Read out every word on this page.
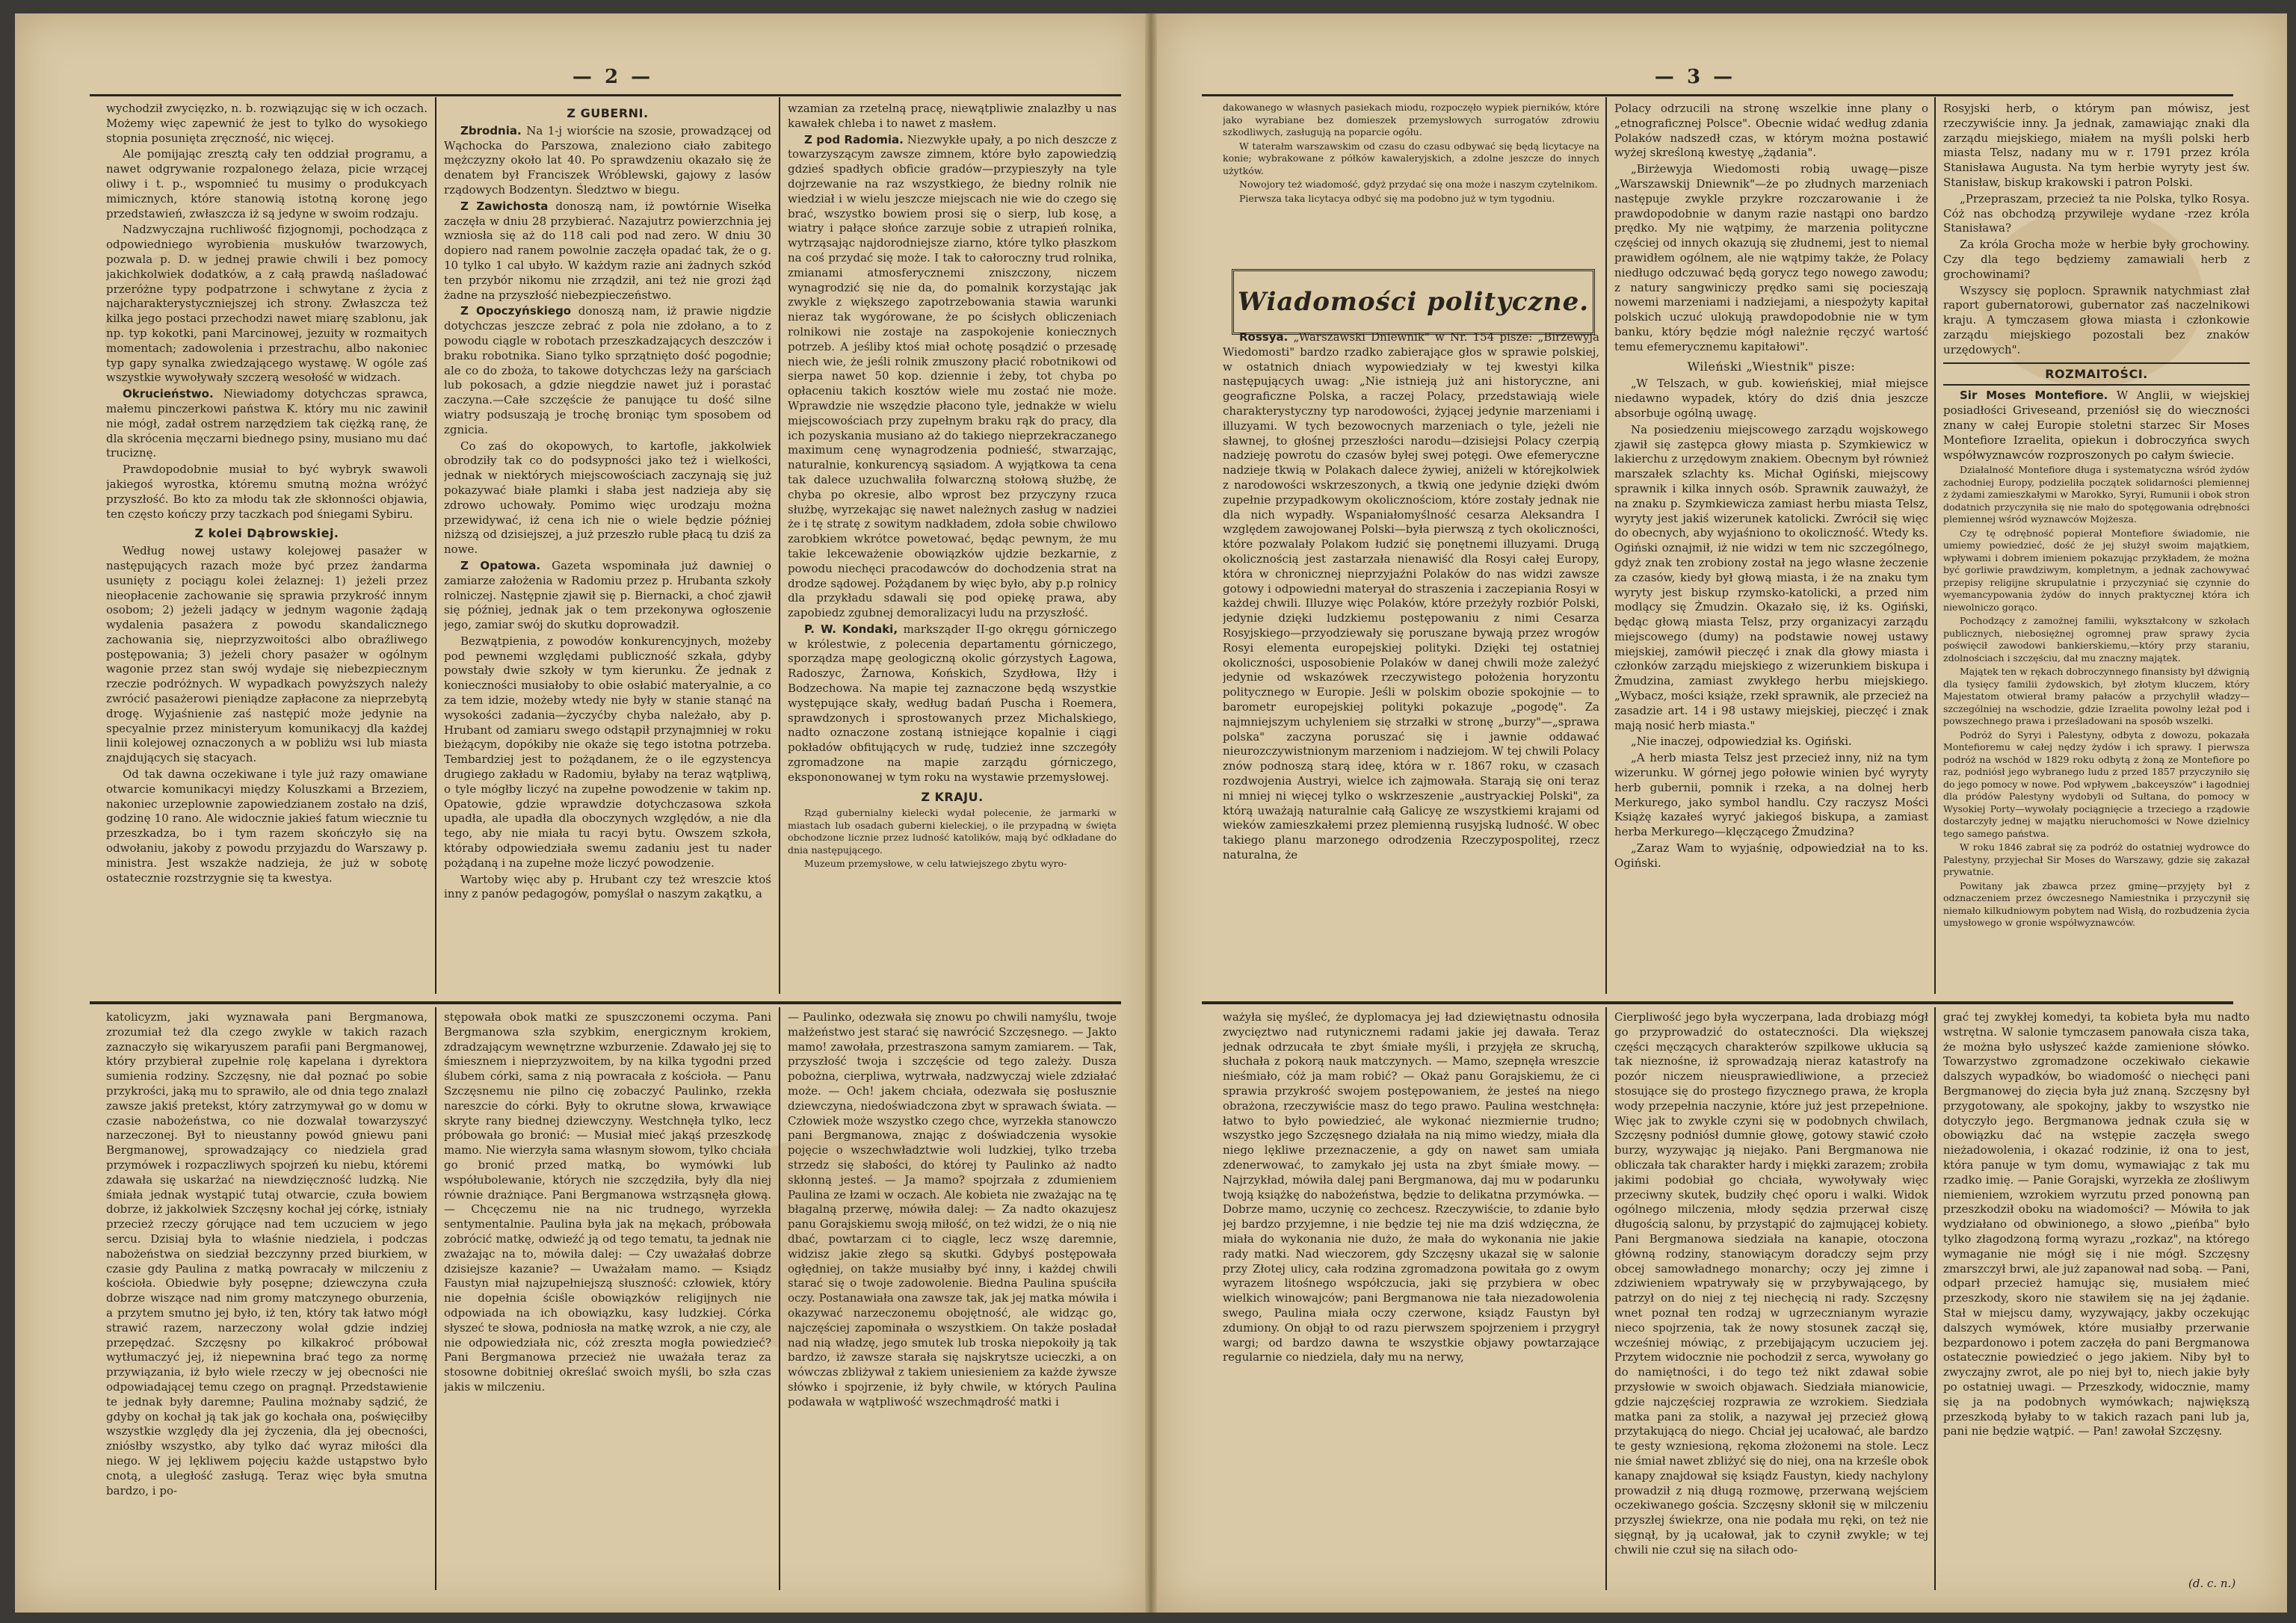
— 2 —

wychodził zwycięzko, n. b. rozwiązując się w ich oczach. Możemy więc zapewnić że jest to tylko do wysokiego stopnia posunięta zręczność, nic więcej.

Ale pomijając zresztą cały ten oddział programu, a nawet odgrywanie rozpalonego żelaza, picie wrzącej oliwy i t. p., wspomnieć tu musimy o produkcyach mimicznych, które stanowią istotną koronę jego przedstawień, zwłaszcza iż są jedyne w swoim rodzaju.

Nadzwyczajna ruchliwość fizjognomji, pochodząca z odpowiedniego wyrobienia muskułów twarzowych, pozwala p. D. w jednej prawie chwili i bez pomocy jakichkolwiek dodatków, a z całą prawdą naśladować przeróżne typy podpatrzone i schwytane z życia z najcharakterystyczniejszej ich strony. Zwłaszcza też kilka jego postaci przechodzi nawet miarę szablonu, jak np. typ kokotki, pani Marcinowej, jezuity w rozmaitych momentach; zadowolenia i przestrachu, albo nakoniec typ gapy synalka zwiedzającego wystawę. W ogóle zaś wszystkie wywoływały szczerą wesołość w widzach.

Okrucieństwo. Niewiadomy dotychczas sprawca, małemu pinczerkowi państwa K. który mu nic zawinił nie mógł, zadał ostrem narzędziem tak ciężką ranę, że dla skrócenia męczarni biednego psiny, musiano mu dać truciznę.

Prawdopodobnie musiał to być wybryk swawoli jakiegoś wyrostka, któremu smutną można wróżyć przyszłość. Bo kto za młodu tak złe skłonności objawia, ten często kończy przy taczkach pod śniegami Sybiru.

Z kolei Dąbrowskiej.

Według nowej ustawy kolejowej pasażer w następujących razach może być przez żandarma usunięty z pociągu kolei żelaznej: 1) jeżeli przez nieopłacenie zachowanie się sprawia przykrość innym osobom; 2) jeżeli jadący w jednym wagonie żądają wydalenia pasażera z powodu skandalicznego zachowania się, nieprzyzwoitości albo obraźliwego postępowania; 3) jeżeli chory pasażer w ogólnym wagonie przez stan swój wydaje się niebezpiecznym rzeczie podróżnych. W wypadkach powyższych należy zwrócić pasażerowi pieniądze zapłacone za nieprzebytą drogę. Wyjaśnienie zaś następić może jedynie na specyalnie przez ministeryum komunikacyj dla każdej linii kolejowej oznaczonych a w pobliżu wsi lub miasta znajdujących się stacyach.

Od tak dawna oczekiwane i tyle już razy omawiane otwarcie komunikacyi między Koluszkami a Brzeziem, nakoniec urzeplownie zapowiedzianem zostało na dziś, godzinę 10 rano. Ale widocznie jakieś fatum wiecznie tu przeszkadza, bo i tym razem skończyło się na odwołaniu, jakoby z powodu przyjazdu do Warszawy p. ministra. Jest wszakże nadzieja, że już w sobotę ostatecznie rozstrzygnie się ta kwestya.

Z GUBERNI.

Zbrodnia. Na 1-j wiorście na szosie, prowadzącej od Wąchocka do Parszowa, znaleziono ciało zabitego mężczyzny około lat 40. Po sprawdzeniu okazało się że denatem był Franciszek Wróblewski, gajowy z lasów rządowych Bodzentyn. Śledztwo w biegu.

Z Zawichosta donoszą nam, iż powtórnie Wisełka zaczęła w dniu 28 przybierać. Nazajutrz powierzchnia jej wzniosła się aż do 118 cali pod nad zero. W dniu 30 dopiero nad ranem powolnie zaczęła opadać tak, że o g. 10 tylko 1 cal ubyło. W każdym razie ani żadnych szkód ten przybór nikomu nie zrządził, ani też nie grozi żąd żadne na przyszłość niebezpieczeństwo.

Z Opoczyńskiego donoszą nam, iż prawie nigdzie dotychczas jeszcze zebrać z pola nie zdołano, a to z powodu ciągle w robotach przeszkadzających deszczów i braku robotnika. Siano tylko sprzątnięto dość pogodnie; ale co do zboża, to takowe dotychczas leży na garściach lub pokosach, a gdzie niegdzie nawet już i porastać zaczyna.—Całe szczęście że panujące tu dość silne wiatry podsuszają je trochę broniąc tym sposobem od zgnicia.

Co zaś do okopowych, to kartofle, jakkolwiek obrodziły tak co do podsypności jako też i wielkości, jednak w niektórych miejscowościach zaczynają się już pokazywać białe plamki i słaba jest nadzieja aby się zdrowo uchowały. Pomimo więc urodzaju można przewidywać, iż cena ich nie o wiele będzie później niższą od dzisiejszej, a już przeszło ruble płacą tu dziś za nowe.

Z Opatowa. Gazeta wspominała już dawniej o zamiarze założenia w Radomiu przez p. Hrubanta szkoły rolniczej. Następnie zjawił się p. Biernacki, a choć zjawił się później, jednak jak o tem przekonywa ogłoszenie jego, zamiar swój do skutku doprowadził.

Bezwątpienia, z powodów konkurencyjnych, możeby pod pewnemi względami publiczność szkała, gdyby powstały dwie szkoły w tym kierunku. Że jednak z konieczności musiałoby to obie osłabić materyalnie, a co za tem idzie, możeby wtedy nie były w stanie stanąć na wysokości zadania—życzyćby chyba należało, aby p. Hrubant od zamiaru swego odstąpił przynajmniej w roku bieżącym, dopókiby nie okaże się tego istotna potrzeba. Tembardziej jest to pożądanem, że o ile egzystencya drugiego zakładu w Radomiu, byłaby na teraz wątpliwą, o tyle mógłby liczyć na zupełne powodzenie w takim np. Opatowie, gdzie wprawdzie dotychczasowa szkoła upadła, ale upadła dla oboczynych względów, a nie dla tego, aby nie miała tu racyi bytu. Owszem szkoła, któraby odpowiedziała swemu zadaniu jest tu nader pożądaną i na zupełne może liczyć powodzenie.

Wartoby więc aby p. Hrubant czy też wreszcie ktoś inny z panów pedagogów, pomyślał o naszym zakątku, a

wzamian za rzetelną pracę, niewątpliwie znalazłby u nas kawałek chleba i to nawet z masłem.

Z pod Radomia. Niezwykłe upały, a po nich deszcze z towarzyszącym zawsze zimnem, które było zapowiedzią gdzieś spadłych obficie gradów—przypieszyły na tyle dojrzewanie na raz wszystkiego, że biedny rolnik nie wiedział i w wielu jeszcze miejscach nie wie do czego się brać, wszystko bowiem prosi się o sierp, lub kosę, a wiatry i pałące słońce zarzuje sobie z utrapień rolnika, wytrząsając najdorodniejsze ziarno, które tylko płaszkom na coś przydać się może. I tak to całoroczny trud rolnika, zmianami atmosferycznemi zniszczony, niczem wynagrodzić się nie da, do pomalnik korzystając jak zwykle z większego zapotrzebowania stawia warunki nieraz tak wygórowane, że po ścisłych obliczeniach rolnikowi nie zostaje na zaspokojenie koniecznych potrzeb. A jeśliby ktoś miał ochotę posądzić o przesadę niech wie, że jeśli rolnik zmuszony płacić robotnikowi od sierpa nawet 50 kop. dziennie i żeby, tot chyba po opłaceniu takich kosztów wiele mu zostać nie może. Wprawdzie nie wszędzie płacono tyle, jednakże w wielu miejscowościach przy zupełnym braku rąk do pracy, dla ich pozyskania musiano aż do takiego nieprzekraczanego maximum cenę wynagrodzenia podnieść, stwarzając, naturalnie, konkurencyą sąsiadom. A wyjątkowa ta cena tak dalece uzuchwaliła folwarczną stołową służbę, że chyba po okresie, albo wprost bez przyczyny rzuca służbę, wyrzekając się nawet należnych zasług w nadziei że i tę stratę z sowitym nadkładem, zdoła sobie chwilowo zarobkiem wkrótce powetować, będąc pewnym, że mu takie lekceważenie obowiązków ujdzie bezkarnie, z powodu niechęci pracodawców do dochodzenia strat na drodze sądowej. Pożądanem by więc było, aby p.p rolnicy dla przykładu sdawali się pod opiekę prawa, aby zapobiedz zgubnej demoralizacyi ludu na przyszłość.

P. W. Kondaki, marksząder II-go okręgu górniczego w królestwie, z polecenia departamentu górniczego, sporządza mapę geologiczną okolic górzystych Łagowa, Radoszyc, Żarnowa, Końskich, Szydłowa, Iłży i Bodzechowa. Na mapie tej zaznaczone będą wszystkie występujące skały, według badań Puscha i Roemera, sprawdzonych i sprostowanych przez Michalskiego, nadto oznaczone zostaną istniejące kopalnie i ciągi pokładów obfitujących w rudę, tudzież inne szczegóły zgromadzone na mapie zarządu górniczego, ekspononowanej w tym roku na wystawie przemysłowej.

Z KRAJU.

Rząd gubernialny kielecki wydał polecenie, że jarmarki w miastach lub osadach guberni kieleckiej, o ile przypadną w święta obchodzone licznie przez ludność katolików, mają być odkładane do dnia następującego.

Muzeum przemysłowe, w celu łatwiejszego zbytu wyro-

katolicyzm, jaki wyznawała pani Bergmanowa, zrozumiał też dla czego zwykle w takich razach zaznaczyło się wikaryuszem parafii pani Bergmanowej, który przybierał zupełnie rolę kapelana i dyrektora sumienia rodziny. Szczęsny, nie dał poznać po sobie przykrości, jaką mu to sprawiło, ale od dnia tego znalazł zawsze jakiś pretekst, który zatrzymywał go w domu w czasie nabożeństwa, co nie dozwalał towarzyszyć narzeczonej. Był to nieustanny powód gniewu pani Bergmanowej, sprowadzający co niedziela grad przymówek i rozpaczliwych spojrzeń ku niebu, któremi zdawała się uskarżać na niewdzięczność ludzką. Nie śmiała jednak wystąpić tutaj otwarcie, czuła bowiem dobrze, iż jakkolwiek Szczęsny kochał jej córkę, istniały przecież rzeczy górujące nad tem uczuciem w jego sercu. Dzisiaj była to właśnie niedziela, i podczas nabożeństwa on siedział bezczynny przed biurkiem, w czasie gdy Paulina z matką powracały w milczeniu z kościoła. Obiedwie były posępne; dziewczyna czuła dobrze wiszące nad nim gromy matczynego oburzenia, a przytem smutno jej było, iż ten, który tak łatwo mógł strawić razem, narzeczony wolał gdzie indziej przepędzać. Szczęsny po kilkakroć próbował wytłumaczyć jej, iż niepewnina brać tego za normę przywiązania, iż było wiele rzeczy w jej obecności nie odpowiadającej temu czego on pragnął. Przedstawienie te jednak były daremne; Paulina możnaby sądzić, że gdyby on kochał ją tak jak go kochała ona, poświęciłby wszystkie względy dla jej życzenia, dla jej obecności, zniósłby wszystko, aby tylko dać wyraz miłości dla niego. W jej lękliwem pojęciu każde ustąpstwo było cnotą, a uległość zasługą. Teraz więc była smutna bardzo, i po-

stępowała obok matki ze spuszczonemi oczyma. Pani Bergmanowa szła szybkim, energicznym krokiem, zdradzającym wewnętrzne wzburzenie. Zdawało jej się to śmiesznem i nieprzyzwoitem, by na kilka tygodni przed ślubem córki, sama z nią powracała z kościoła. — Panu Szczęsnemu nie pilno cię zobaczyć Paulinko, rzekła nareszcie do córki. Były to okrutne słowa, krwawiące skryte rany biednej dziewczyny. Westchnęła tylko, lecz próbowała go bronić: — Musiał mieć jakąś przeszkodę mamo. Nie wierzyła sama własnym słowom, tylko chciała go bronić przed matką, bo wymówki lub współubolewanie, których nie szczędziła, były dla niej równie drażniące. Pani Bergmanowa wstrząsnęła głową. — Chcęczemu nie na nic trudnego, wyrzekła sentymentalnie. Paulina była jak na mękach, próbowała zobrócić matkę, odwieźć ją od tego tematu, ta jednak nie zważając na to, mówiła dalej: — Czy uważałaś dobrze dzisiejsze kazanie? — Uważałam mamo. — Ksiądz Faustyn miał najzupełniejszą słuszność: człowiek, który nie dopełnia ściśle obowiązków religijnych nie odpowiada na ich obowiązku, kasy ludzkiej. Córka słyszeć te słowa, podniosła na matkę wzrok, a nie czy, ale nie odpowiedziała nic, cóż zreszta mogła powiedzieć? Pani Bergmanowa przecież nie uważała teraz za stosowne dobitniej określać swoich myśli, bo szła czas jakis w milczeniu.

— Paulinko, odezwała się znowu po chwili namyślu, twoje małżeństwo jest starać się nawrócić Szczęsnego. — Jakto mamo! zawołała, przestraszona samym zamiarem. — Tak, przyszłość twoja i szczęście od tego zależy. Dusza pobożna, cierpliwa, wytrwała, nadzwyczaj wiele zdziałać może. — Och! jakem chciała, odezwała się posłusznie dziewczyna, niedoświadczona zbyt w sprawach świata. — Człowiek może wszystko czego chce, wyrzekła stanowczo pani Bergmanowa, znając z doświadczenia wysokie pojęcie o wszechwładztwie woli ludzkiej, tylko trzeba strzedz się słabości, do której ty Paulinko aż nadto skłonną jesteś. — Ja mamo? spojrzała z zdumieniem Paulina ze łzami w oczach. Ale kobieta nie zważając na tę błagalną przerwę, mówiła dalej: — Za nadto okazujesz panu Gorajskiemu swoją miłość, on też widzi, że o nią nie dbać, powtarzam ci to ciągle, lecz wszę daremnie, widzisz jakie złego są skutki. Gdybyś postępowała ogłędniej, on także musiałby być inny, i każdej chwili starać się o twoje zadowolenie. Biedna Paulina spuściła oczy. Postanawiała ona zawsze tak, jak jej matka mówiła i okazywać narzeczonemu obojętność, ale widząc go, najczęściej zapominała o wszystkiem. On także posładał nad nią władzę, jego smutek lub troska niepokoiły ją tak bardzo, iż zawsze starała się najskrytsze ucieczki, a on wówczas zbliżywał z takiem uniesieniem za każde żywsze słówko i spojrzenie, iż były chwile, w których Paulina podawała w wątpliwość wszechmądrość matki i

— 3 —

dakowanego w własnych pasiekach miodu, rozpoczęło wypiek pierników, które jako wyrabiane bez domieszek przemysłowych surrogatów zdrowiu szkodliwych, zasługują na poparcie ogółu.

W taterałm warszawskim od czasu do czasu odbywać się będą licytacye na konie; wybrakowane z półków kawaleryjskich, a zdolne jeszcze do innych użytków.

Nowojory też wiadomość, gdyż przydać się ona może i naszym czytelnikom.

Pierwsza taka licytacya odbyć się ma podobno już w tym tygodniu.

Wiadomości polityczne.

Rossya. „Warszawski Dniewnik" w Nr. 154 pisze: „Birżewyja Wiedomosti" bardzo rzadko zabierające głos w sprawie polskiej, w ostatnich dniach wypowiedziały w tej kwestyi kilka następujących uwag: „Nie istnieją już ani historyczne, ani geograficzne Polska, a raczej Polacy, przedstawiają wiele charakterystyczny typ narodowości, żyjącej jedynie marzeniami i illuzyami. W tych bezowocnych marzeniach o tyle, jeżeli nie sławnej, to głośnej przeszłości narodu—dzisiejsi Polacy czerpią nadzieję powrotu do czasów byłej swej potęgi. Owe efemeryczne nadzieje tkwią w Polakach dalece żywiej, aniżeli w którejkolwiek z narodowości wskrzeszonych, a tkwią one jedynie dzięki dwóm zupełnie przypadkowym okolicznościom, które zostały jednak nie dla nich wypadły. Wspaniałomyślność cesarza Aleksandra I względem zawojowanej Polski—była pierwszą z tych okoliczności, które pozwalały Polakom łudzić się ponętnemi illuzyami. Drugą okolicznością jest zastarzała nienawiść dla Rosyi całej Europy, która w chronicznej nieprzyjaźni Polaków do nas widzi zawsze gotowy i odpowiedni materyał do straszenia i zaczepiania Rosyi w każdej chwili. Illuzye więc Polaków, które przeżyły rozbiór Polski, jedynie dzięki ludzkiemu postępowaniu z nimi Cesarza Rosyjskiego—przyodziewały się poruszane bywają przez wrogów Rosyi elementa europejskiej polityki. Dzięki tej ostatniej okoliczności, usposobienie Polaków w danej chwili może zależyć jedynie od wskazówek rzeczywistego położenia horyzontu politycznego w Europie. Jeśli w polskim obozie spokojnie — to barometr europejskiej polityki pokazuje „pogodę". Za najmniejszym uchyleniem się strzałki w stronę „burzy"—„sprawa polska" zaczyna poruszać się i jawnie oddawać nieurozczywistnionym marzeniom i nadziejom. W tej chwili Polacy znów podnoszą starą ideę, która w r. 1867 roku, w czasach rozdwojenia Austryi, wielce ich zajmowała. Starają się oni teraz ni mniej ni więcej tylko o wskrzeszenie „austryackiej Polski", za którą uważają naturalnie całą Galicyę ze wszystkiemi krajami od wieków zamieszkałemi przez plemienną rusyjską ludność. W obec takiego planu marzonego odrodzenia Rzeczypospolitej, rzecz naturalna, że

Polacy odrzucili na stronę wszelkie inne plany o „etnograficznej Polsce". Obecnie widać według zdania Polaków nadszedł czas, w którym można postawić wyżej skreśloną kwestyę „żądania".

„Birżewyja Wiedomosti robią uwagę—pisze „Warszawskij Dniewnik"—że po złudnych marzeniach następuje zwykle przykre rozczarowanie i że prawdopodobnie w danym razie nastąpi ono bardzo prędko. My nie wątpimy, że marzenia polityczne częściej od innych okazują się złudnemi, jest to niemal prawidłem ogólnem, ale nie wątpimy także, że Polacy niedługo odczuwać będą gorycz tego nowego zawodu; z natury sangwiniczy prędko sami się pocieszają nowemi marzeniami i nadziejami, a niespożyty kapitał polskich uczuć ulokują prawdopodobnie nie w tym banku, który będzie mógł należnie ręczyć wartość temu efemerycznemu kapitałowi".

Wileński „Wiestnik" pisze:

„W Telszach, w gub. kowieńskiej, miał miejsce niedawno wypadek, który do dziś dnia jeszcze absorbuje ogólną uwagę.

Na posiedzeniu miejscowego zarządu wojskowego zjawił się zastępca głowy miasta p. Szymkiewicz w lakierchu z urzędowym znakiem. Obecnym był również marszałek szlachty ks. Michał Ogiński, miejscowy sprawnik i kilka innych osób. Sprawnik zauważył, że na znaku p. Szymkiewicza zamiast herbu miasta Telsz, wyryty jest jakiś wizerunek katolicki. Zwrócił się więc do obecnych, aby wyjaśniono to okoliczność. Wtedy ks. Ogiński oznajmił, iż nie widzi w tem nic szczególnego, gdyż znak ten zrobiony został na jego własne żeczenie za czasów, kiedy był głową miasta, i że na znaku tym wyryty jest biskup rzymsko-katolicki, a przed nim modlący się Żmudzin. Okazało się, iż ks. Ogiński, będąc głową miasta Telsz, przy organizacyi zarządu miejscowego (dumy) na podstawie nowej ustawy miejskiej, zamówił pieczęć i znak dla głowy miasta i członków zarządu miejskiego z wizerunkiem biskupa i Żmudzina, zamiast zwykłego herbu miejskiego. „Wybacz, mości książe, rzekł sprawnik, ale przecież na zasadzie art. 14 i 98 ustawy miejskiej, pieczęć i znak mają nosić herb miasta."

„Nie inaczej, odpowiedział ks. Ogiński.

„A herb miasta Telsz jest przecież inny, niż na tym wizerunku. W górnej jego połowie winien być wyryty herb gubernii, pomnik i rzeka, a na dolnej herb Merkurego, jako symbol handlu. Czy raczysz Mości Książę kazałeś wyryć jakiegoś biskupa, a zamiast herba Merkurego—klęczącego Żmudzina?

„Zaraz Wam to wyjaśnię, odpowiedział na to ks. Ogiński.

Rosyjski herb, o którym pan mówisz, jest rzeczywiście inny. Ja jednak, zamawiając znaki dla zarządu miejskiego, miałem na myśli polski herb miasta Telsz, nadany mu w r. 1791 przez króla Stanisława Augusta. Na tym herbie wyryty jest św. Stanisław, biskup krakowski i patron Polski.

„Przepraszam, przecież ta nie Polska, tylko Rosya. Cóż nas obchodzą przywileje wydane -rzez króla Stanisława?

Za króla Grocha może w herbie były grochowiny. Czy dla tego będziemy zamawiali herb z grochowinami?

Wszyscy się poplocn. Sprawnik natychmiast złał raport gubernatorowi, gubernator zaś naczelnikowi kraju. A tymczasem głowa miasta i członkowie zarządu miejskiego pozostali bez znaków urzędowych".

ROZMAITOŚCI.

Sir Moses Montefiore. W Anglii, w wiejskiej posiadłości Griveseand, przeniósł się do wieczności znany w całej Europie stoletni starzec Sir Moses Montefiore Izraelita, opiekun i dobroczyńca swych współwyznawców rozproszonych po całym świecie.

Działalność Montefiore długa i systematyczna wśród żydów zachodniej Europy, podzieliła początek solidarności plemiennej z żydami zamieszkałymi w Marokko, Syryi, Rumunii i obok stron dodatnich przyczyniła się nie mało do spotęgowania odrębności plemiennej wśród wyznawców Mojżesza.

Czy tę odrębność popierał Montefiore świadomie, nie umiemy powiedzieć, dość że jej służył swoim majątkiem, wpływami i dobrem imieniem pokazując przykładem, że można być gorliwie prawdziwym, kompletnym, a jednak zachowywać przepisy religijne skrupulatnie i przyczyniać się czynnie do wyemancypowania żydów do innych praktycznej która ich niewolniczo gorąco.

Pochodzący z zamożnej familii, wykształcony w szkołach publicznych, niebosiężnej ogromnej praw sprawy życia poświęcił zawodowi bankierskiemu,—który przy staraniu, zdolnościach i szczęściu, dał mu znaczny majątek.

Majątek ten w rękach dobroczynnego finansisty był dźwignią dla tysięcy familii żydowskich, był złotym kluczem, który Majestatom otwierał bramy pałaców a przychylił władzy—szczególniej na wschodzie, gdzie Izraelita powolny leżał pod i powszechnego prawa i prześladowani na sposób wszelki.

Podróż do Syryi i Palestyny, odbyta z dowozu, pokazała Montefioremu w całej nędzy żydów i ich sprawy. I pierwsza podróż na wschód w 1829 roku odbytą z żoną ze Montefiore po raz, podniósł jego wybranego ludu z przed 1857 przyczyniło się do jego pomocy w nowe. Pod wpływem „bakceyszów" i łagodniej dla pródów Palestyny wydobyli od Sułtana, do pomocy w Wysokiej Porty—wywołały pociągnięcie a trzeciego a rządowie dostarczyły jednej w majątku nieruchomości w Nowe dzielnicy tego samego państwa.

W roku 1846 zabrał się za podróż do ostatniej wydrowce do Palestyny, przyjechał Sir Moses do Warszawy, gdzie się zakazał prywatnie.

Powitany jak zbawca przez gminę—przyjęty był z odznaczeniem przez ówczesnego Namiestnika i przyczynił się niemało kilkudniowym pobytem nad Wisłą, do rozbudzenia życia umysłowego w gronie współwyznawców.

ważyła się myśleć, że dyplomacya jej ład dziewiętnastu odnosiła zwycięztwo nad rutynicznemi radami jakie jej dawała. Teraz jednak odrzucała te zbyt śmiałe myśli, i przyjęła ze skruchą, słuchała z pokorą nauk matczynych. — Mamo, szepnęła wreszcie nieśmiało, cóż ja mam robić? — Okaż panu Gorajskiemu, że ci sprawia przykrość swojem postępowaniem, że jesteś na niego obrażona, rzeczywiście masz do tego prawo. Paulina westchnęła: łatwo to było powiedzieć, ale wykonać niezmiernie trudno; wszystko jego Szczęsnego działała na nią mimo wiedzy, miała dla niego lękliwe przeznaczenie, a gdy on nawet sam umiała zdenerwować, to zamykało jej usta na zbyt śmiałe mowy. — Najrzykład, mówiła dalej pani Bergmanowa, daj mu w podarunku twoją książkę do nabożeństwa, będzie to delikatna przymówka. — Dobrze mamo, uczynię co zechcesz. Rzeczywiście, to zdanie było jej bardzo przyjemne, i nie będzie tej nie ma dziś wdzięczna, że miała do wykonania nie dużo, że mała do wykonania nie jakie rady matki. Nad wieczorem, gdy Szczęsny ukazał się w salonie przy Złotej ulicy, cała rodzina zgromadzona powitała go z owym wyrazem litośnego współczucia, jaki się przybiera w obec wielkich winowajców; pani Bergmanowa nie tała niezadowolenia swego, Paulina miała oczy czerwone, ksiądz Faustyn był zdumiony. On objął to od razu pierwszem spojrzeniem i przygrył wargi; od bardzo dawna te wszystkie objawy powtarzające regularnie co niedziela, dały mu na nerwy,

Cierpliwość jego była wyczerpana, lada drobiazg mógł go przyprowadzić do ostateczności. Dla większej części męczących charakterów szpilkowe ukłucia są tak nieznośne, iż sprowadzają nieraz katastrofy na pozór niczem nieusprawiedliwione, a przecież stosujące się do prostego fizycznego prawa, że kropla wody przepełnia naczynie, które już jest przepełnione. Więc jak to zwykle czyni się w podobnych chwilach, Szczęsny podniósł dumnie głowę, gotowy stawić czoło burzy, wyzywając ją niejako. Pani Bergmanowa nie obliczała tak charakter hardy i miękki zarazem; zrobiła jakimi podobiał go chciała, wywoływały więc przeciwny skutek, budziły chęć oporu i walki. Widok ogólnego milczenia, młody sędzia przerwał ciszę długością salonu, by przystąpić do zajmującej kobiety. Pani Bergmanowa siedziała na kanapie, otoczona główną rodziny, stanowiącym doradczy sejm przy obcej samowładnego monarchy; oczy jej zimne i zdziwieniem wpatrywały się w przybywającego, by patrzył on do niej z tej niechęcią ni rady. Szczęsny wnet poznał ten rodzaj w ugrzecznianym wyrazie nieco spojrzenia, tak że nowy stosunek zaczął się, wcześniej mówiąc, z przebijającym uczuciem jej. Przytem widocznie nie pochodził z serca, wywołany go do namiętności, i do tego też nikt zdawał sobie przysłowie w swoich objawach. Siedziała mianowicie, gdzie najczęściej rozprawia ze wzrokiem. Siedziała matka pani za stolik, a nazywał jej przecież głową przytakującą do niego. Chciał jej ucałować, ale bardzo te gesty wzniesioną, rękoma złożonemi na stole. Lecz nie śmiał nawet zbliżyć się do niej, ona na krześle obok kanapy znajdował się ksiądz Faustyn, kiedy nachylony prowadził z nią długą rozmowę, przerwaną wejściem oczekiwanego gościa. Szczęsny skłonił się w milczeniu przyszłej świekrze, ona nie podała mu ręki, on też nie sięgnął, by ją ucałował, jak to czynił zwykle; w tej chwili nie czuł się na siłach odo-

grać tej zwykłej komedyi, ta kobieta była mu nadto wstrętna. W salonie tymczasem panowała cisza taka, że można było usłyszeć każde zamienione słówko. Towarzystwo zgromadzone oczekiwało ciekawie dalszych wypadków, bo wiadomość o niechęci pani Bergmanowej do zięcia była już znaną. Szczęsny był przygotowany, ale spokojny, jakby to wszystko nie dotyczyło jego. Bergmanowa jednak czuła się w obowiązku dać na wstępie zaczęła swego nieżadowolenia, i okazać rodzinie, iż ona to jest, która panuje w tym domu, wymawiając z tak mu rzadko imię. — Panie Gorajski, wyrzekła ze złośliwym niemieniem, wzrokiem wyrzutu przed ponowną pan przeszkodził oboku na wiadomości? — Mówiła to jak wydziałano od obwinionego, a słowo „pieńba" było tylko złagodzoną formą wyrazu „rozkaz", na którego wymaganie nie mógł się i nie mógł. Szczęsny zmarszczył brwi, ale już zapanował nad sobą. — Pani, odparł przecież hamując się, musiałem mieć przeszkody, skoro nie stawiłem się na jej żądanie. Stał w miejscu damy, wyzywający, jakby oczekując dalszych wymówek, które musiałby przerwanie bezpardonowo i potem zaczęła do pani Bergmanowa ostatecznie powiedzieć o jego jakiem. Niby był to zwyczajny zwrot, ale po niej był to, niech jakie były po ostatniej uwagi. — Przeszkody, widocznie, mamy się ja na podobnych wymówkach; największą przeszkodą byłaby to w takich razach pani lub ja, pani nie będzie wątpić. — Pan! zawołał Szczęsny.

(d. c. n.)
